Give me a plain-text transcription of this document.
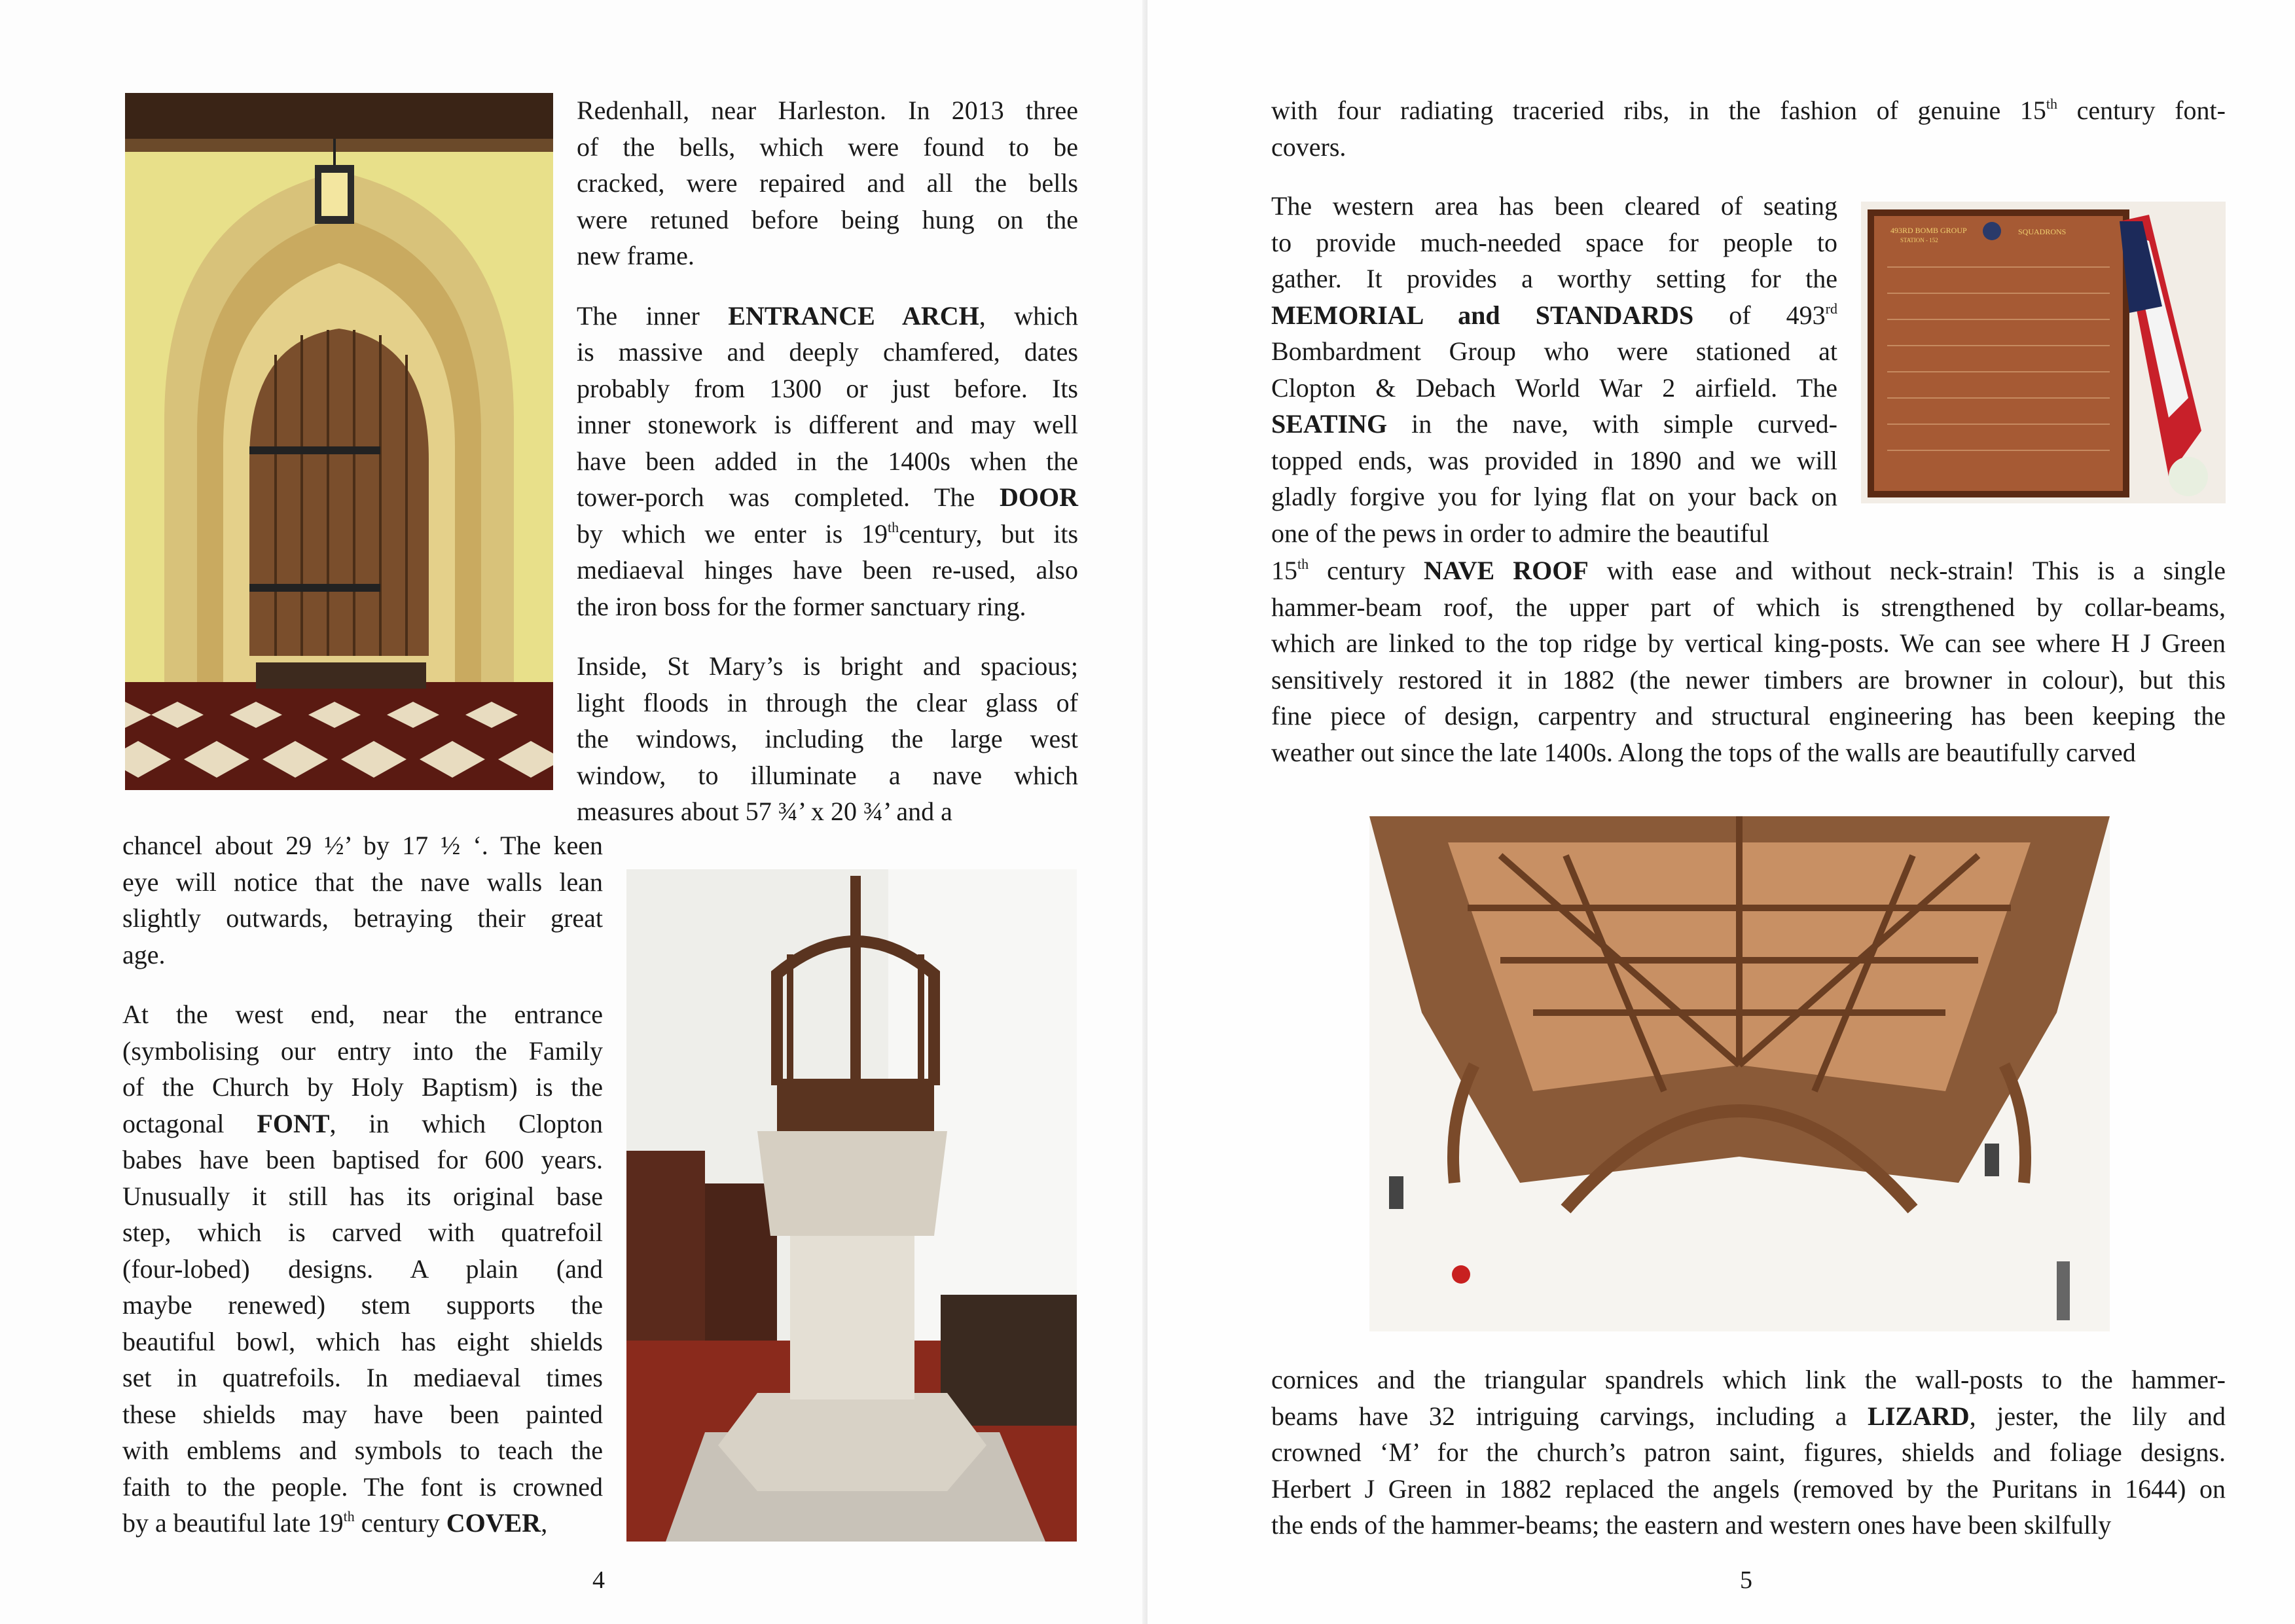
Redenhall, near Harleston. In 2013 three
of the bells, which were found to be
cracked, were repaired and all the bells
were retuned before being hung on the
new frame.
The inner ENTRANCE ARCH, which
is massive and deeply chamfered, dates
probably from 1300 or just before. Its
inner stonework is different and may well
have been added in the 1400s when the
tower-porch was completed. The DOOR
by which we enter is 19thcentury, but its
mediaeval hinges have been re-used, also
the iron boss for the former sanctuary ring.
Inside, St Mary’s is bright and spacious;
light floods in through the clear glass of
the windows, including the large west
window, to illuminate a nave which
measures about 57 ¾’ x 20 ¾’ and a
chancel about 29 ½’ by 17 ½ ‘. The keen
eye will notice that the nave walls lean
slightly outwards, betraying their great
age.
At the west end, near the entrance
(symbolising our entry into the Family
of the Church by Holy Baptism) is the
octagonal FONT, in which Clopton
babes have been baptised for 600 years.
Unusually it still has its original base
step, which is carved with quatrefoil
(four-lobed) designs. A plain (and
maybe renewed) stem supports the
beautiful bowl, which has eight shields
set in quatrefoils. In mediaeval times
these shields may have been painted
with emblems and symbols to teach the
faith to the people. The font is crowned
by a beautiful late 19th century COVER,
4
with four radiating traceried ribs, in the fashion of genuine 15th century font-
covers.
The western area has been cleared of seating
to provide much-needed space for people to
gather. It provides a worthy setting for the
MEMORIAL and STANDARDS of 493rd
Bombardment Group who were stationed at
Clopton & Debach World War 2 airfield. The
SEATING in the nave, with simple curved-
topped ends, was provided in 1890 and we will
gladly forgive you for lying flat on your back on
one of the pews in order to admire the beautiful
493RD BOMB GROUP
STATION - 152
SQUADRONS
15th century NAVE ROOF with ease and without neck-strain! This is a single
hammer-beam roof, the upper part of which is strengthened by collar-beams,
which are linked to the top ridge by vertical king-posts. We can see where H J Green
sensitively restored it in 1882 (the newer timbers are browner in colour), but this
fine piece of design, carpentry and structural engineering has been keeping the
weather out since the late 1400s. Along the tops of the walls are beautifully carved
cornices and the triangular spandrels which link the wall-posts to the hammer-
beams have 32 intriguing carvings, including a LIZARD, jester, the lily and
crowned ‘M’ for the church’s patron saint, figures, shields and foliage designs.
Herbert J Green in 1882 replaced the angels (removed by the Puritans in 1644) on
the ends of the hammer-beams; the eastern and western ones have been skilfully
5
